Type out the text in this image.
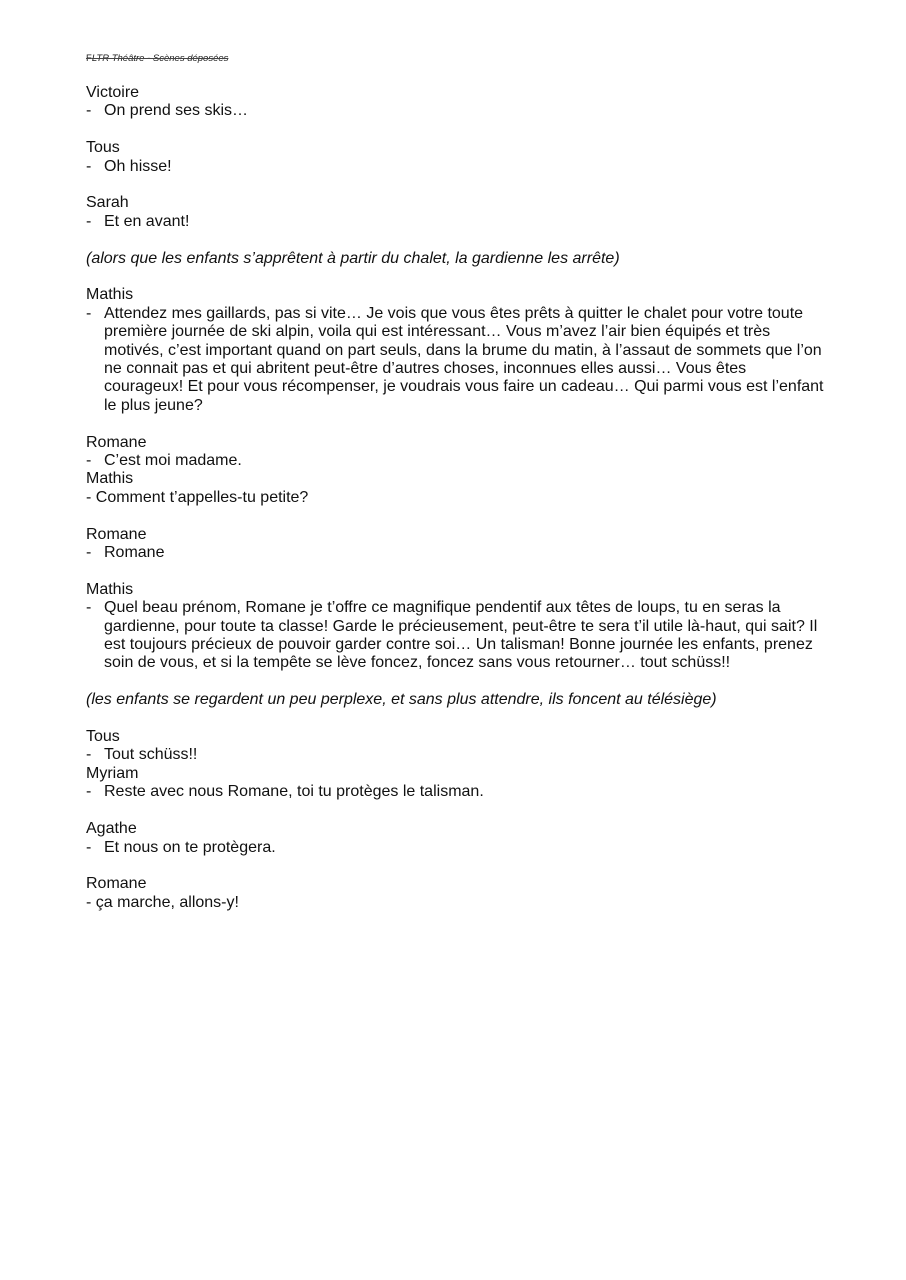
FLTR Théâtre - Scènes déposées
Victoire
- On prend ses skis…
Tous
- Oh hisse!
Sarah
- Et en avant!
(alors que les enfants s’apprêtent à partir du chalet, la gardienne les arrête)
Mathis
- Attendez mes gaillards, pas si vite… Je vois que vous êtes prêts à quitter le chalet pour votre toute première journée de ski alpin, voila qui est intéressant… Vous m’avez l’air bien équipés et très motivés, c’est important quand on part seuls, dans la brume du matin, à l’assaut de sommets que l’on ne connait pas et qui abritent peut-être d’autres choses, inconnues elles aussi… Vous êtes courageux! Et pour vous récompenser, je voudrais vous faire un cadeau… Qui parmi vous est l’enfant le plus jeune?
Romane
- C’est moi madame.
Mathis
- Comment t’appelles-tu petite?
Romane
- Romane
Mathis
- Quel beau prénom, Romane je t’offre ce magnifique pendentif aux têtes de loups, tu en seras la gardienne, pour toute ta classe! Garde le précieusement, peut-être te sera t’il utile là-haut, qui sait? Il est toujours précieux de pouvoir garder contre soi… Un talisman! Bonne journée les enfants, prenez soin de vous, et si la tempête se lève foncez, foncez sans vous retourner… tout schüss!!
(les enfants se regardent un peu perplexe, et sans plus attendre, ils foncent au télésiège)
Tous
- Tout schüss!!
Myriam
- Reste avec nous Romane, toi tu protèges le talisman.
Agathe
- Et nous on te protègera.
Romane
- ça marche, allons-y!
